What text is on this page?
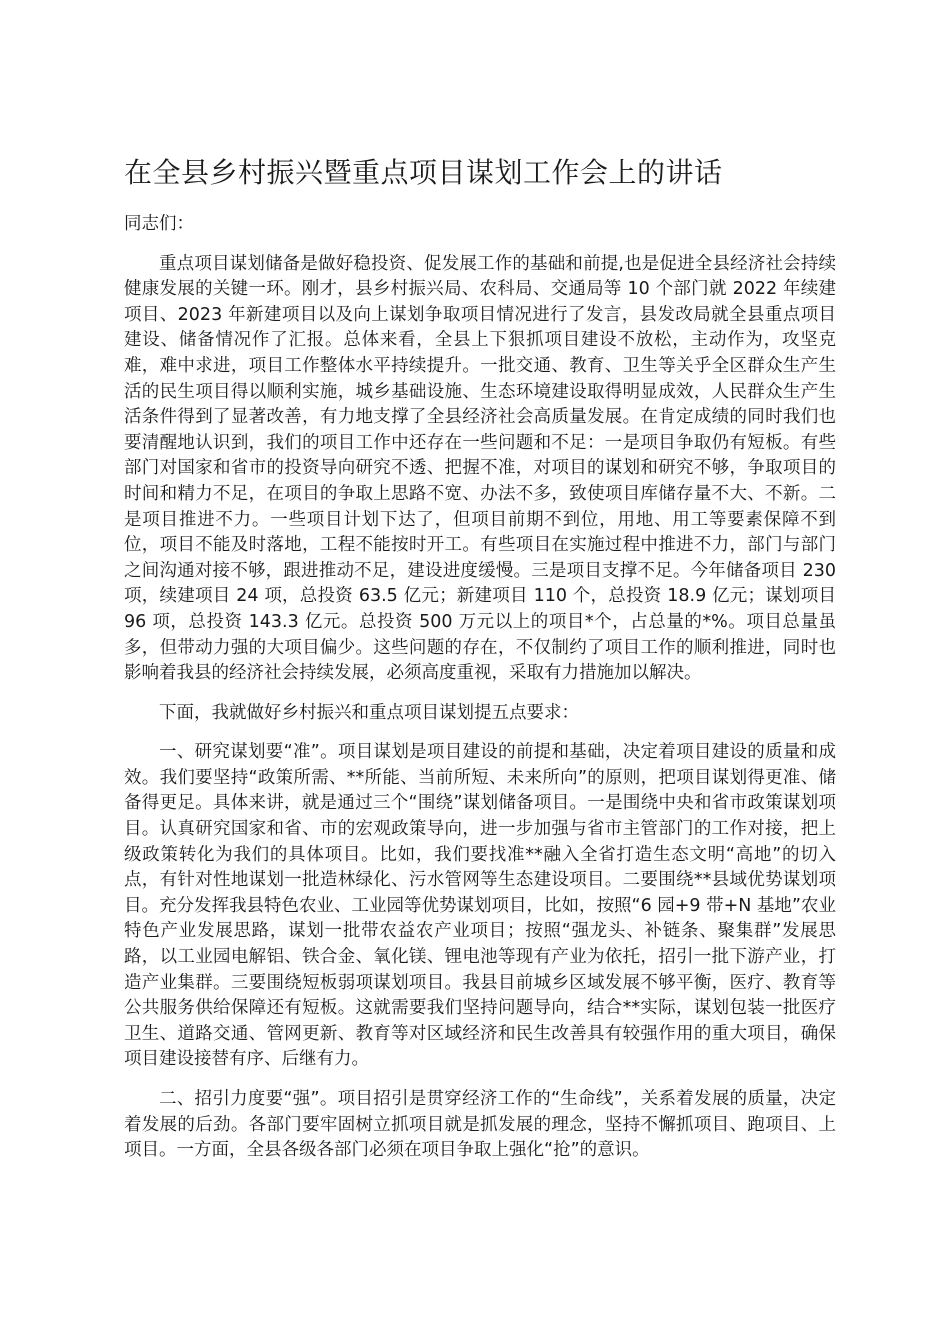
在全县乡村振兴暨重点项目谋划工作会上的讲话

同志们：

重点项目谋划储备是做好稳投资、促发展工作的基础和前提,也是促进全县经济社会持续健康发展的关键一环。刚才，县乡村振兴局、农科局、交通局等 10 个部门就 2022 年续建项目、2023 年新建项目以及向上谋划争取项目情况进行了发言，县发改局就全县重点项目建设、储备情况作了汇报。总体来看，全县上下狠抓项目建设不放松，主动作为，攻坚克难，难中求进，项目工作整体水平持续提升。一批交通、教育、卫生等关乎全区群众生产生活的民生项目得以顺利实施，城乡基础设施、生态环境建设取得明显成效，人民群众生产生活条件得到了显著改善，有力地支撑了全县经济社会高质量发展。在肯定成绩的同时我们也要清醒地认识到，我们的项目工作中还存在一些问题和不足：一是项目争取仍有短板。有些部门对国家和省市的投资导向研究不透、把握不准，对项目的谋划和研究不够，争取项目的时间和精力不足，在项目的争取上思路不宽、办法不多，致使项目库储存量不大、不新。二是项目推进不力。一些项目计划下达了，但项目前期不到位，用地、用工等要素保障不到位，项目不能及时落地，工程不能按时开工。有些项目在实施过程中推进不力，部门与部门之间沟通对接不够，跟进推动不足，建设进度缓慢。三是项目支撑不足。今年储备项目 230 项，续建项目 24 项，总投资 63.5 亿元；新建项目 110 个，总投资 18.9 亿元；谋划项目 96 项，总投资 143.3 亿元。总投资 500 万元以上的项目*个，占总量的*%。项目总量虽多，但带动力强的大项目偏少。这些问题的存在，不仅制约了项目工作的顺利推进，同时也影响着我县的经济社会持续发展，必须高度重视，采取有力措施加以解决。

下面，我就做好乡村振兴和重点项目谋划提五点要求：

一、研究谋划要“准”。项目谋划是项目建设的前提和基础，决定着项目建设的质量和成效。我们要坚持“政策所需、**所能、当前所短、未来所向”的原则，把项目谋划得更准、储备得更足。具体来讲，就是通过三个“围绕”谋划储备项目。一是围绕中央和省市政策谋划项目。认真研究国家和省、市的宏观政策导向，进一步加强与省市主管部门的工作对接，把上级政策转化为我们的具体项目。比如，我们要找准**融入全省打造生态文明“高地”的切入点，有针对性地谋划一批造林绿化、污水管网等生态建设项目。二要围绕**县域优势谋划项目。充分发挥我县特色农业、工业园等优势谋划项目，比如，按照“6 园+9 带+N 基地”农业特色产业发展思路，谋划一批带农益农产业项目；按照“强龙头、补链条、聚集群”发展思路，以工业园电解铝、铁合金、氧化镁、锂电池等现有产业为依托，招引一批下游产业，打造产业集群。三要围绕短板弱项谋划项目。我县目前城乡区域发展不够平衡，医疗、教育等公共服务供给保障还有短板。这就需要我们坚持问题导向，结合**实际，谋划包装一批医疗卫生、道路交通、管网更新、教育等对区域经济和民生改善具有较强作用的重大项目，确保项目建设接替有序、后继有力。

二、招引力度要“强”。项目招引是贯穿经济工作的“生命线”，关系着发展的质量，决定着发展的后劲。各部门要牢固树立抓项目就是抓发展的理念，坚持不懈抓项目、跑项目、上项目。一方面，全县各级各部门必须在项目争取上强化“抢”的意识。
